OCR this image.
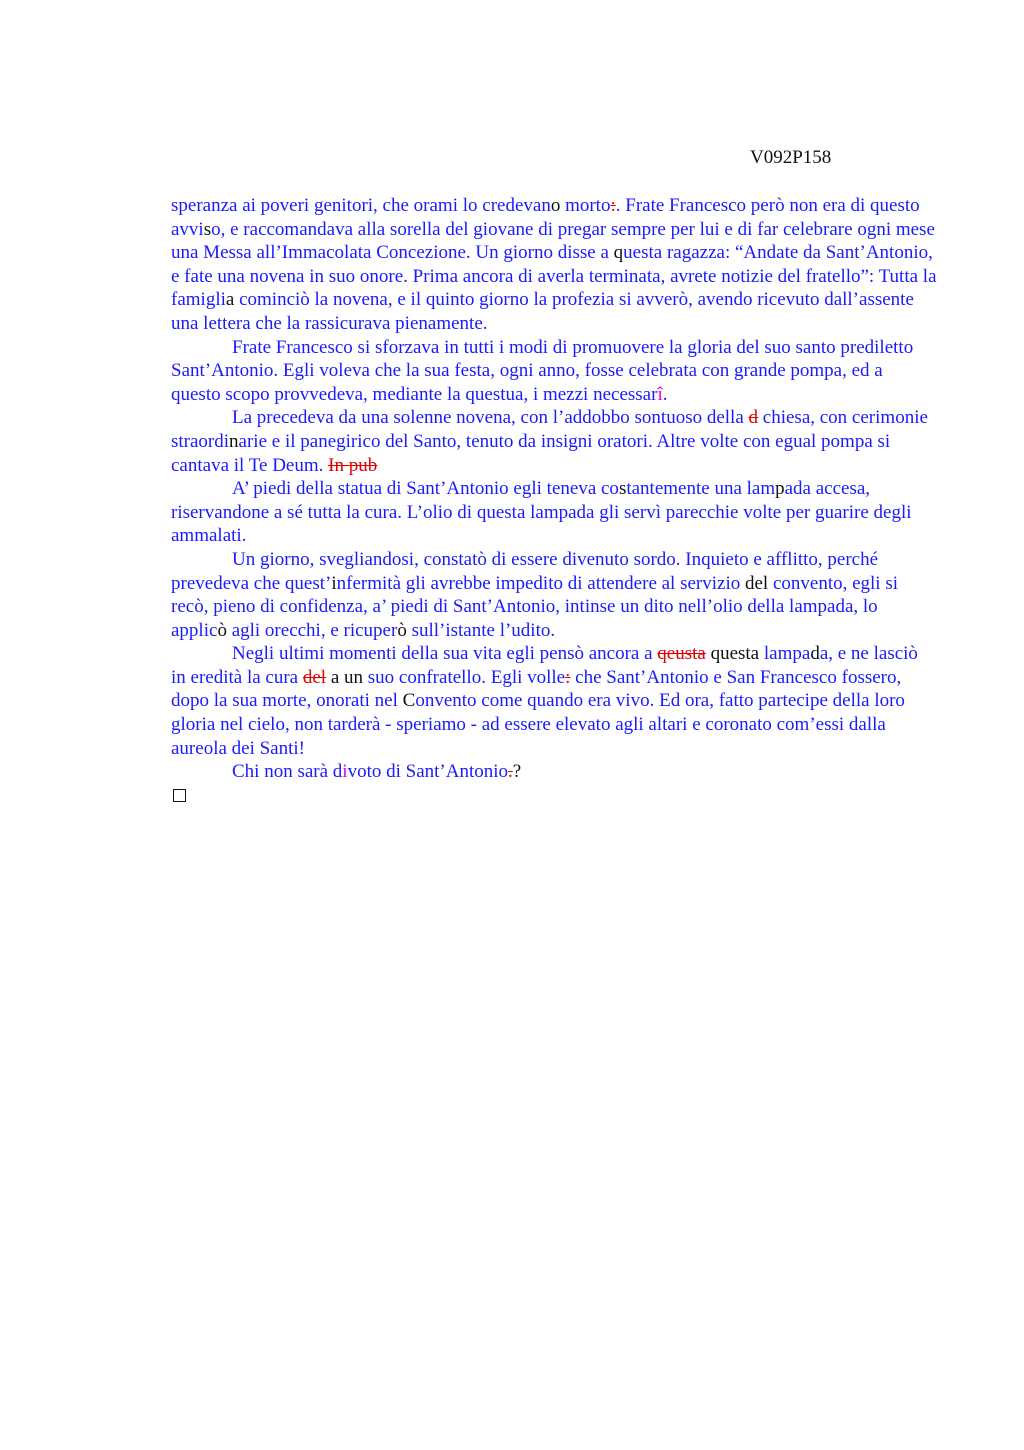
V092P158

speranza ai poveri genitori, che orami lo credevano morto:. Frate Francesco però non era di questo avviso, e raccomandava alla sorella del giovane di pregar sempre per lui e di far celebrare ogni mese una Messa all’Immacolata Concezione. Un giorno disse a questa ragazza: “Andate da Sant’Antonio, e fate una novena in suo onore. Prima ancora di averla terminata, avrete notizie del fratello”: Tutta la famiglia cominciò la novena, e il quinto giorno la profezia si avverò, avendo ricevuto dall’assente una lettera che la rassicurava pienamente.

Frate Francesco si sforzava in tutti i modi di promuovere la gloria del suo santo prediletto Sant’Antonio. Egli voleva che la sua festa, ogni anno, fosse celebrata con grande pompa, ed a questo scopo provvedeva, mediante la questua, i mezzi necessarî.

La precedeva da una solenne novena, con l’addobbo sontuoso della d chiesa, con cerimonie straordinarie e il panegirico del Santo, tenuto da insigni oratori. Altre volte con egual pompa si cantava il Te Deum. In pub

A’ piedi della statua di Sant’Antonio egli teneva costantemente una lampada accesa, riservandone a sé tutta la cura. L’olio di questa lampada gli servì parecchie volte per guarire degli ammalati.

Un giorno, svegliandosi, constatò di essere divenuto sordo. Inquieto e afflitto, perché prevedeva che quest’infermità gli avrebbe impedito di attendere al servizio del convento, egli si recò, pieno di confidenza, a’ piedi di Sant’Antonio, intinse un dito nell’olio della lampada, lo applicò agli orecchi, e ricuperò sull’istante l’udito.

Negli ultimi momenti della sua vita egli pensò ancora a qeusta questa lampada, e ne lasciò in eredità la cura del a un suo confratello. Egli volle: che Sant’Antonio e San Francesco fossero, dopo la sua morte, onorati nel Convento come quando era vivo. Ed ora, fatto partecipe della loro gloria nel cielo, non tarderà - speriamo - ad essere elevato agli altari e coronato com’essi dalla aureola dei Santi!

Chi non sarà divoto di Sant’Antonio.?
